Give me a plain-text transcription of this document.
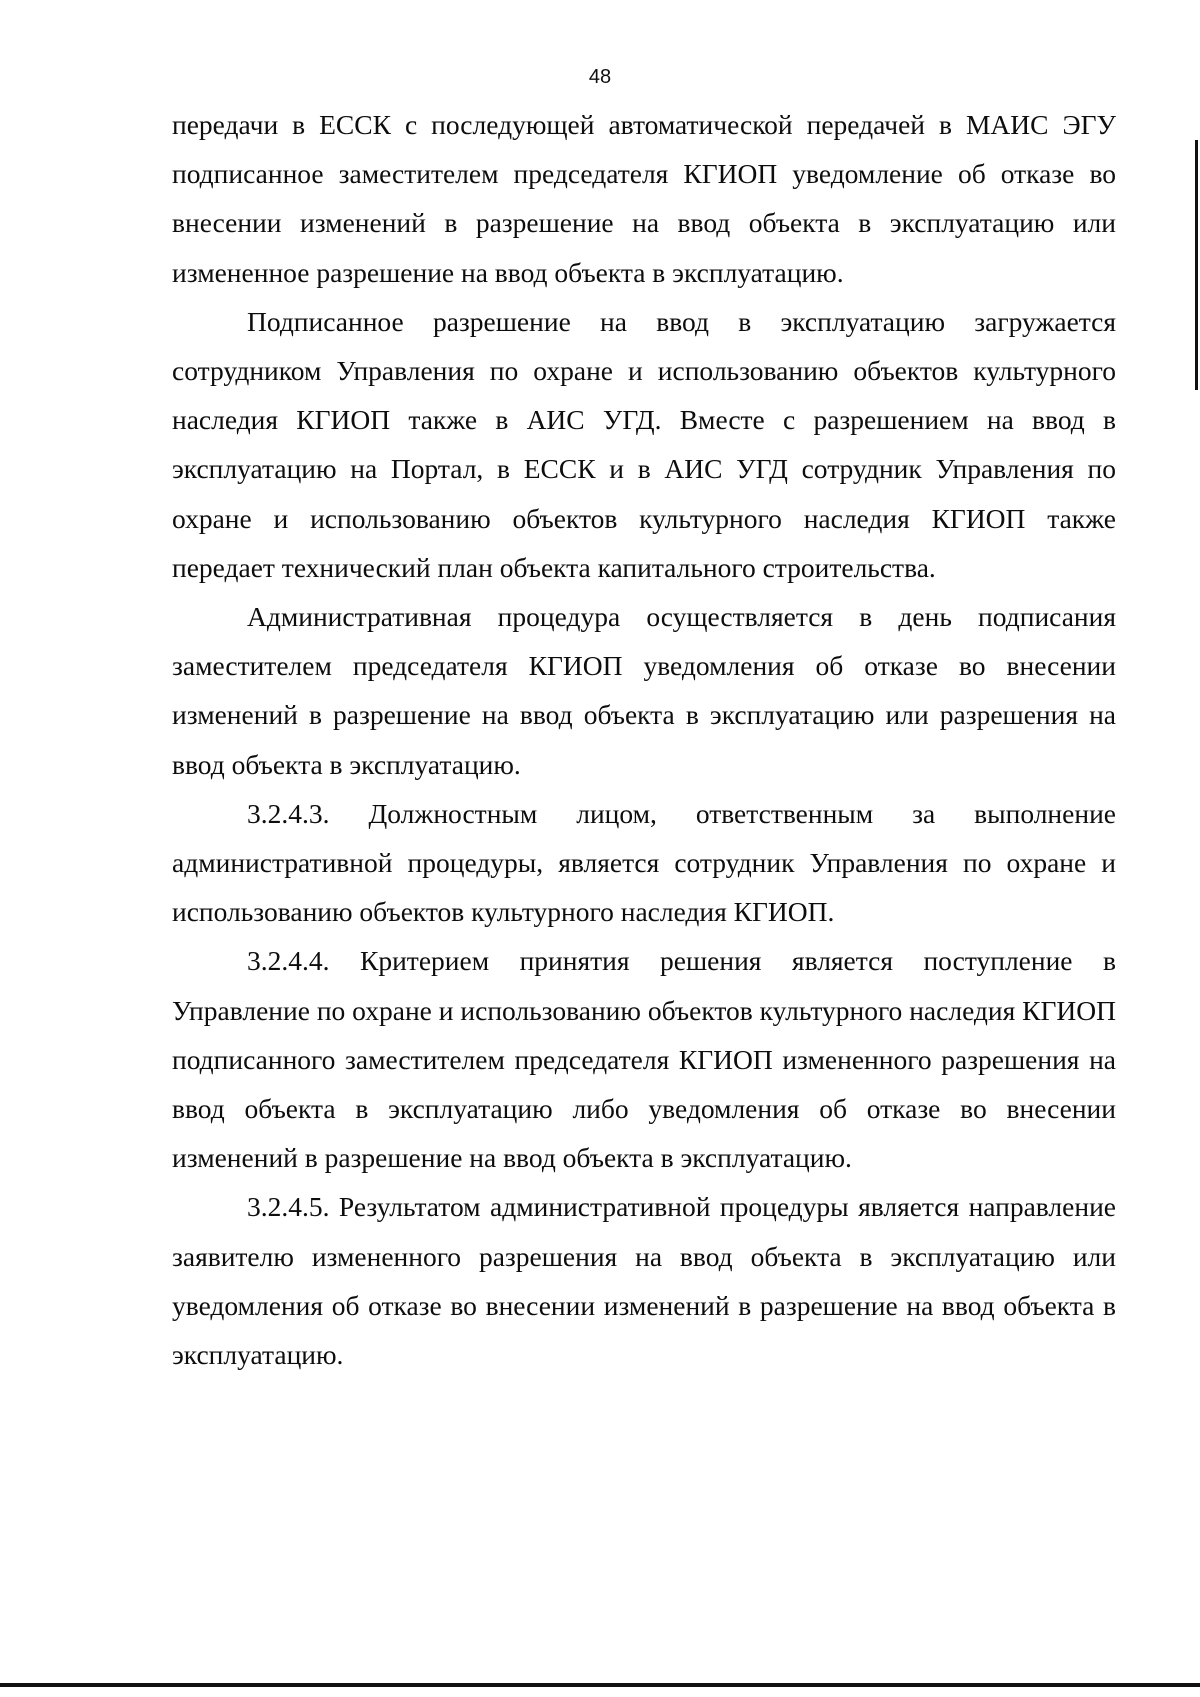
48

передачи в ЕССК с последующей автоматической передачей в МАИС ЭГУ подписанное заместителем председателя КГИОП уведомление об отказе во внесении изменений в разрешение на ввод объекта в эксплуатацию или измененное разрешение на ввод объекта в эксплуатацию.

Подписанное разрешение на ввод в эксплуатацию загружается сотрудником Управления по охране и использованию объектов культурного наследия КГИОП также в АИС УГД. Вместе с разрешением на ввод в эксплуатацию на Портал, в ЕССК и в АИС УГД сотрудник Управления по охране и использованию объектов культурного наследия КГИОП также передает технический план объекта капитального строительства.

Административная процедура осуществляется в день подписания заместителем председателя КГИОП уведомления об отказе во внесении изменений в разрешение на ввод объекта в эксплуатацию или разрешения на ввод объекта в эксплуатацию.

3.2.4.3. Должностным лицом, ответственным за выполнение административной процедуры, является сотрудник Управления по охране и использованию объектов культурного наследия КГИОП.

3.2.4.4. Критерием принятия решения является поступление в Управление по охране и использованию объектов культурного наследия КГИОП подписанного заместителем председателя КГИОП измененного разрешения на ввод объекта в эксплуатацию либо уведомления об отказе во внесении изменений в разрешение на ввод объекта в эксплуатацию.

3.2.4.5. Результатом административной процедуры является направление заявителю измененного разрешения на ввод объекта в эксплуатацию или уведомления об отказе во внесении изменений в разрешение на ввод объекта в эксплуатацию.
